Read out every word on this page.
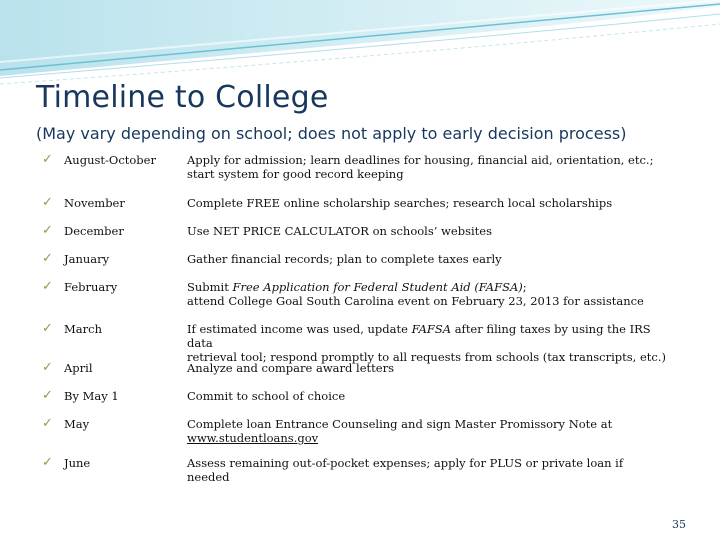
Timeline to College

(May vary depending on school; does not apply to early decision process)

✓ August-October	Apply for admission; learn deadlines for housing, financial aid, orientation, etc.;
start system for good record keeping
✓ November	Complete FREE online scholarship searches; research local scholarships
✓ December	Use NET PRICE CALCULATOR on schools’ websites
✓ January	Gather financial records; plan to complete taxes early
✓ February	Submit Free Application for Federal Student Aid (FAFSA);
attend College Goal South Carolina event on February 23, 2013 for assistance
✓ March	If estimated income was used, update FAFSA after filing taxes by using the IRS data
retrieval tool; respond promptly to all requests from schools (tax transcripts, etc.)
✓ April	Analyze and compare award letters
✓ By May 1	Commit to school of choice
✓ May	Complete loan Entrance Counseling and sign Master Promissory Note at
www.studentloans.gov
✓ June	Assess remaining out-of-pocket expenses; apply for PLUS or private loan if needed
35
